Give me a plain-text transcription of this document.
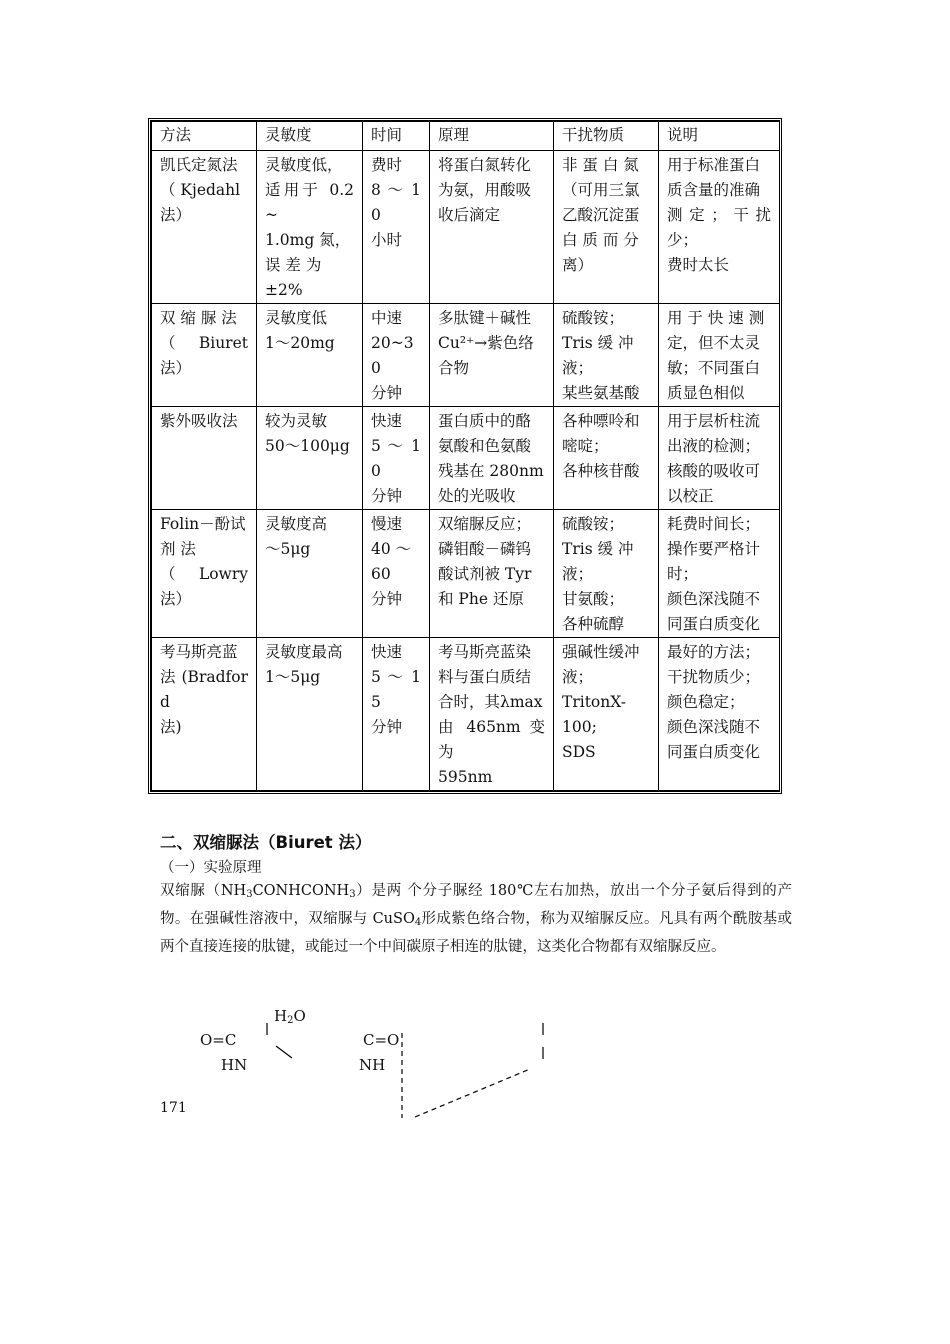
方法	灵敏度	时间	原理	干扰物质	说明

凯氏定氮法
（ Kjedahl
法）	灵敏度低，
适用于 0.2~
1.0mg 氮，
误 差 为
±2%	费时
8 ～ 10
小时	将蛋白氮转化
为氨，用酸吸
收后滴定	非 蛋 白 氮
（可用三氯
乙酸沉淀蛋
白 质 而 分
离）	用于标准蛋白
质含量的准确
测定；干扰少；
费时太长

双 缩 脲 法
（Biuret 法）	灵敏度低
1～20mg	中速
20~30
分钟	多肽键＋碱性
Cu²⁺→紫色络
合物	硫酸铵；
Tris 缓 冲
液；
某些氨基酸	用 于 快 速 测
定，但不太灵
敏；不同蛋白
质显色相似

紫外吸收法	较为灵敏
50～100μg	快速
5 ～ 10
分钟	蛋白质中的酪
氨酸和色氨酸
残基在 280nm
处的光吸收	各种嘌呤和
嘧啶；
各种核苷酸	用于层析柱流
出液的检测；
核酸的吸收可
以校正

Folin－酚试
剂 法
（Lowry 法）	灵敏度高
～5μg	慢速
40 ～
60
分钟	双缩脲反应；
磷钼酸－磷钨
酸试剂被 Tyr
和 Phe 还原	硫酸铵；
Tris 缓 冲
液；
甘氨酸；
各种硫醇	耗费时间长；
操作要严格计
时；
颜色深浅随不
同蛋白质变化

考马斯亮蓝
法 (Bradford
法)	灵敏度最高
1～5μg	快速
5 ～ 15
分钟	考马斯亮蓝染
料与蛋白质结
合时，其λmax
由 465nm 变为
595nm	强碱性缓冲
液；
TritonX-
100;
SDS	最好的方法；
干扰物质少；
颜色稳定；
颜色深浅随不
同蛋白质变化
二、双缩脲法（Biuret 法）
（一）实验原理
双缩脲$(NH_3CONHCONH_3)$是两 个分子脲经 180℃左右加热，放出一个分子氨后得到的产物。在强碱性溶液中，双缩脲与 CuSO$_4$形成紫色络合物，称为双缩脲反应。凡具有两个酰胺基或两个直接连接的肽键，或能过一个中间碳原子相连的肽键，这类化合物都有双缩脲反应。
$H_2O$
O=C
HN
C=O
NH
171
